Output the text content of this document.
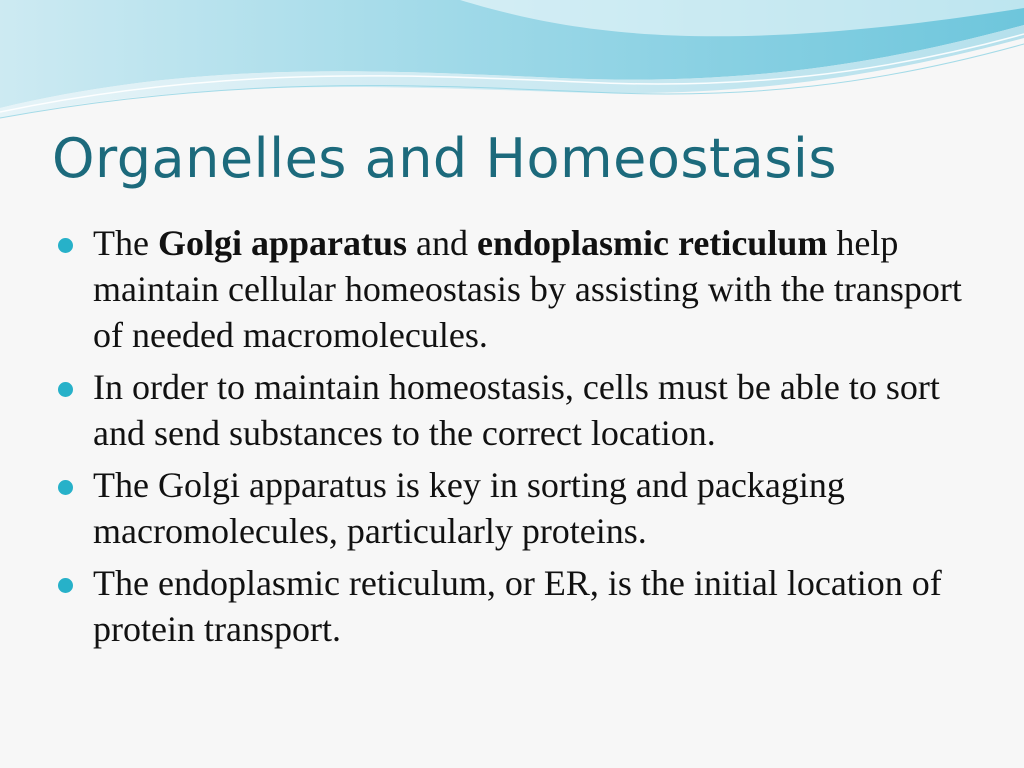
Organelles and Homeostasis
The Golgi apparatus and endoplasmic reticulum help maintain cellular homeostasis by assisting with the transport of needed macromolecules.
In order to maintain homeostasis, cells must be able to sort and send substances to the correct location.
The Golgi apparatus is key in sorting and packaging macromolecules, particularly proteins.
The endoplasmic reticulum, or ER, is the initial location of protein transport.
